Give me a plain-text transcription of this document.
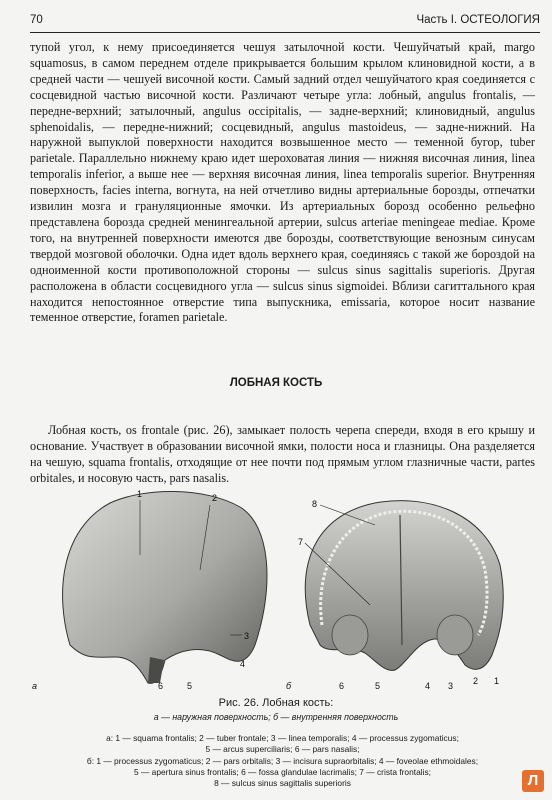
70	Часть I. ОСТЕОЛОГИЯ
тупой угол, к нему присоединяется чешуя затылочной кости. Чешуйчатый край, margo squamosus, в самом переднем отделе прикрывается большим крылом клиновидной кости, а в средней части — чешуей височной кости. Самый задний отдел чешуйчатого края соединяется с сосцевидной частью височной кости. Различают четыре угла: лобный, angulus frontalis, — передне-верхний; затылочный, angulus occipitalis, — задне-верхний; клиновидный, angulus sphenoidalis, — передне-нижний; сосцевидный, angulus mastoideus, — задне-нижний. На наружной выпуклой поверхности находится возвышенное место — теменной бугор, tuber parietale. Параллельно нижнему краю идет шероховатая линия — нижняя височная линия, linea temporalis inferior, а выше нее — верхняя височная линия, linea temporalis superior. Внутренняя поверхность, facies interna, вогнута, на ней отчетливо видны артериальные борозды, отпечатки извилин мозга и грануляционные ямочки. Из артериальных борозд особенно рельефно представлена борозда средней менингеальной артерии, sulcus arteriae meningeae mediae. Кроме того, на внутренней поверхности имеются две борозды, соответствующие венозным синусам твердой мозговой оболочки. Одна идет вдоль верхнего края, соединяясь с такой же бороздой на одноименной кости противоположной стороны — sulcus sinus sagittalis superioris. Другая расположена в области сосцевидного угла — sulcus sinus sigmoidei. Вблизи сагиттального края находится непостоянное отверстие типа выпускника, emissaria, которое носит название теменное отверстие, foramen parietale.
ЛОБНАЯ КОСТЬ
Лобная кость, os frontale (рис. 26), замыкает полость черепа спереди, входя в его крышу и основание. Участвует в образовании височной ямки, полости носа и глазницы. Она разделяется на чешую, squama frontalis, отходящие от нее почти под прямым углом глазничные части, partes orbitales, и носовую часть, pars nasalis.
1	2
3
4
5
6
а
8
7
6	5	4 3 2 1
б
Рис. 26. Лобная кость:
а — наружная поверхность; б — внутренняя поверхность
а: 1 — squama frontalis; 2 — tuber frontale; 3 — linea temporalis; 4 — processus zygomaticus;
5 — arcus superciliaris; 6 — pars nasalis;
б: 1 — processus zygomaticus; 2 — pars orbitalis; 3 — incisura supraorbitalis; 4 — foveolae ethmoidales;
5 — apertura sinus frontalis; 6 — fossa glandulae lacrimalis; 7 — crista frontalis;
8 — sulcus sinus sagittalis superioris	Л
